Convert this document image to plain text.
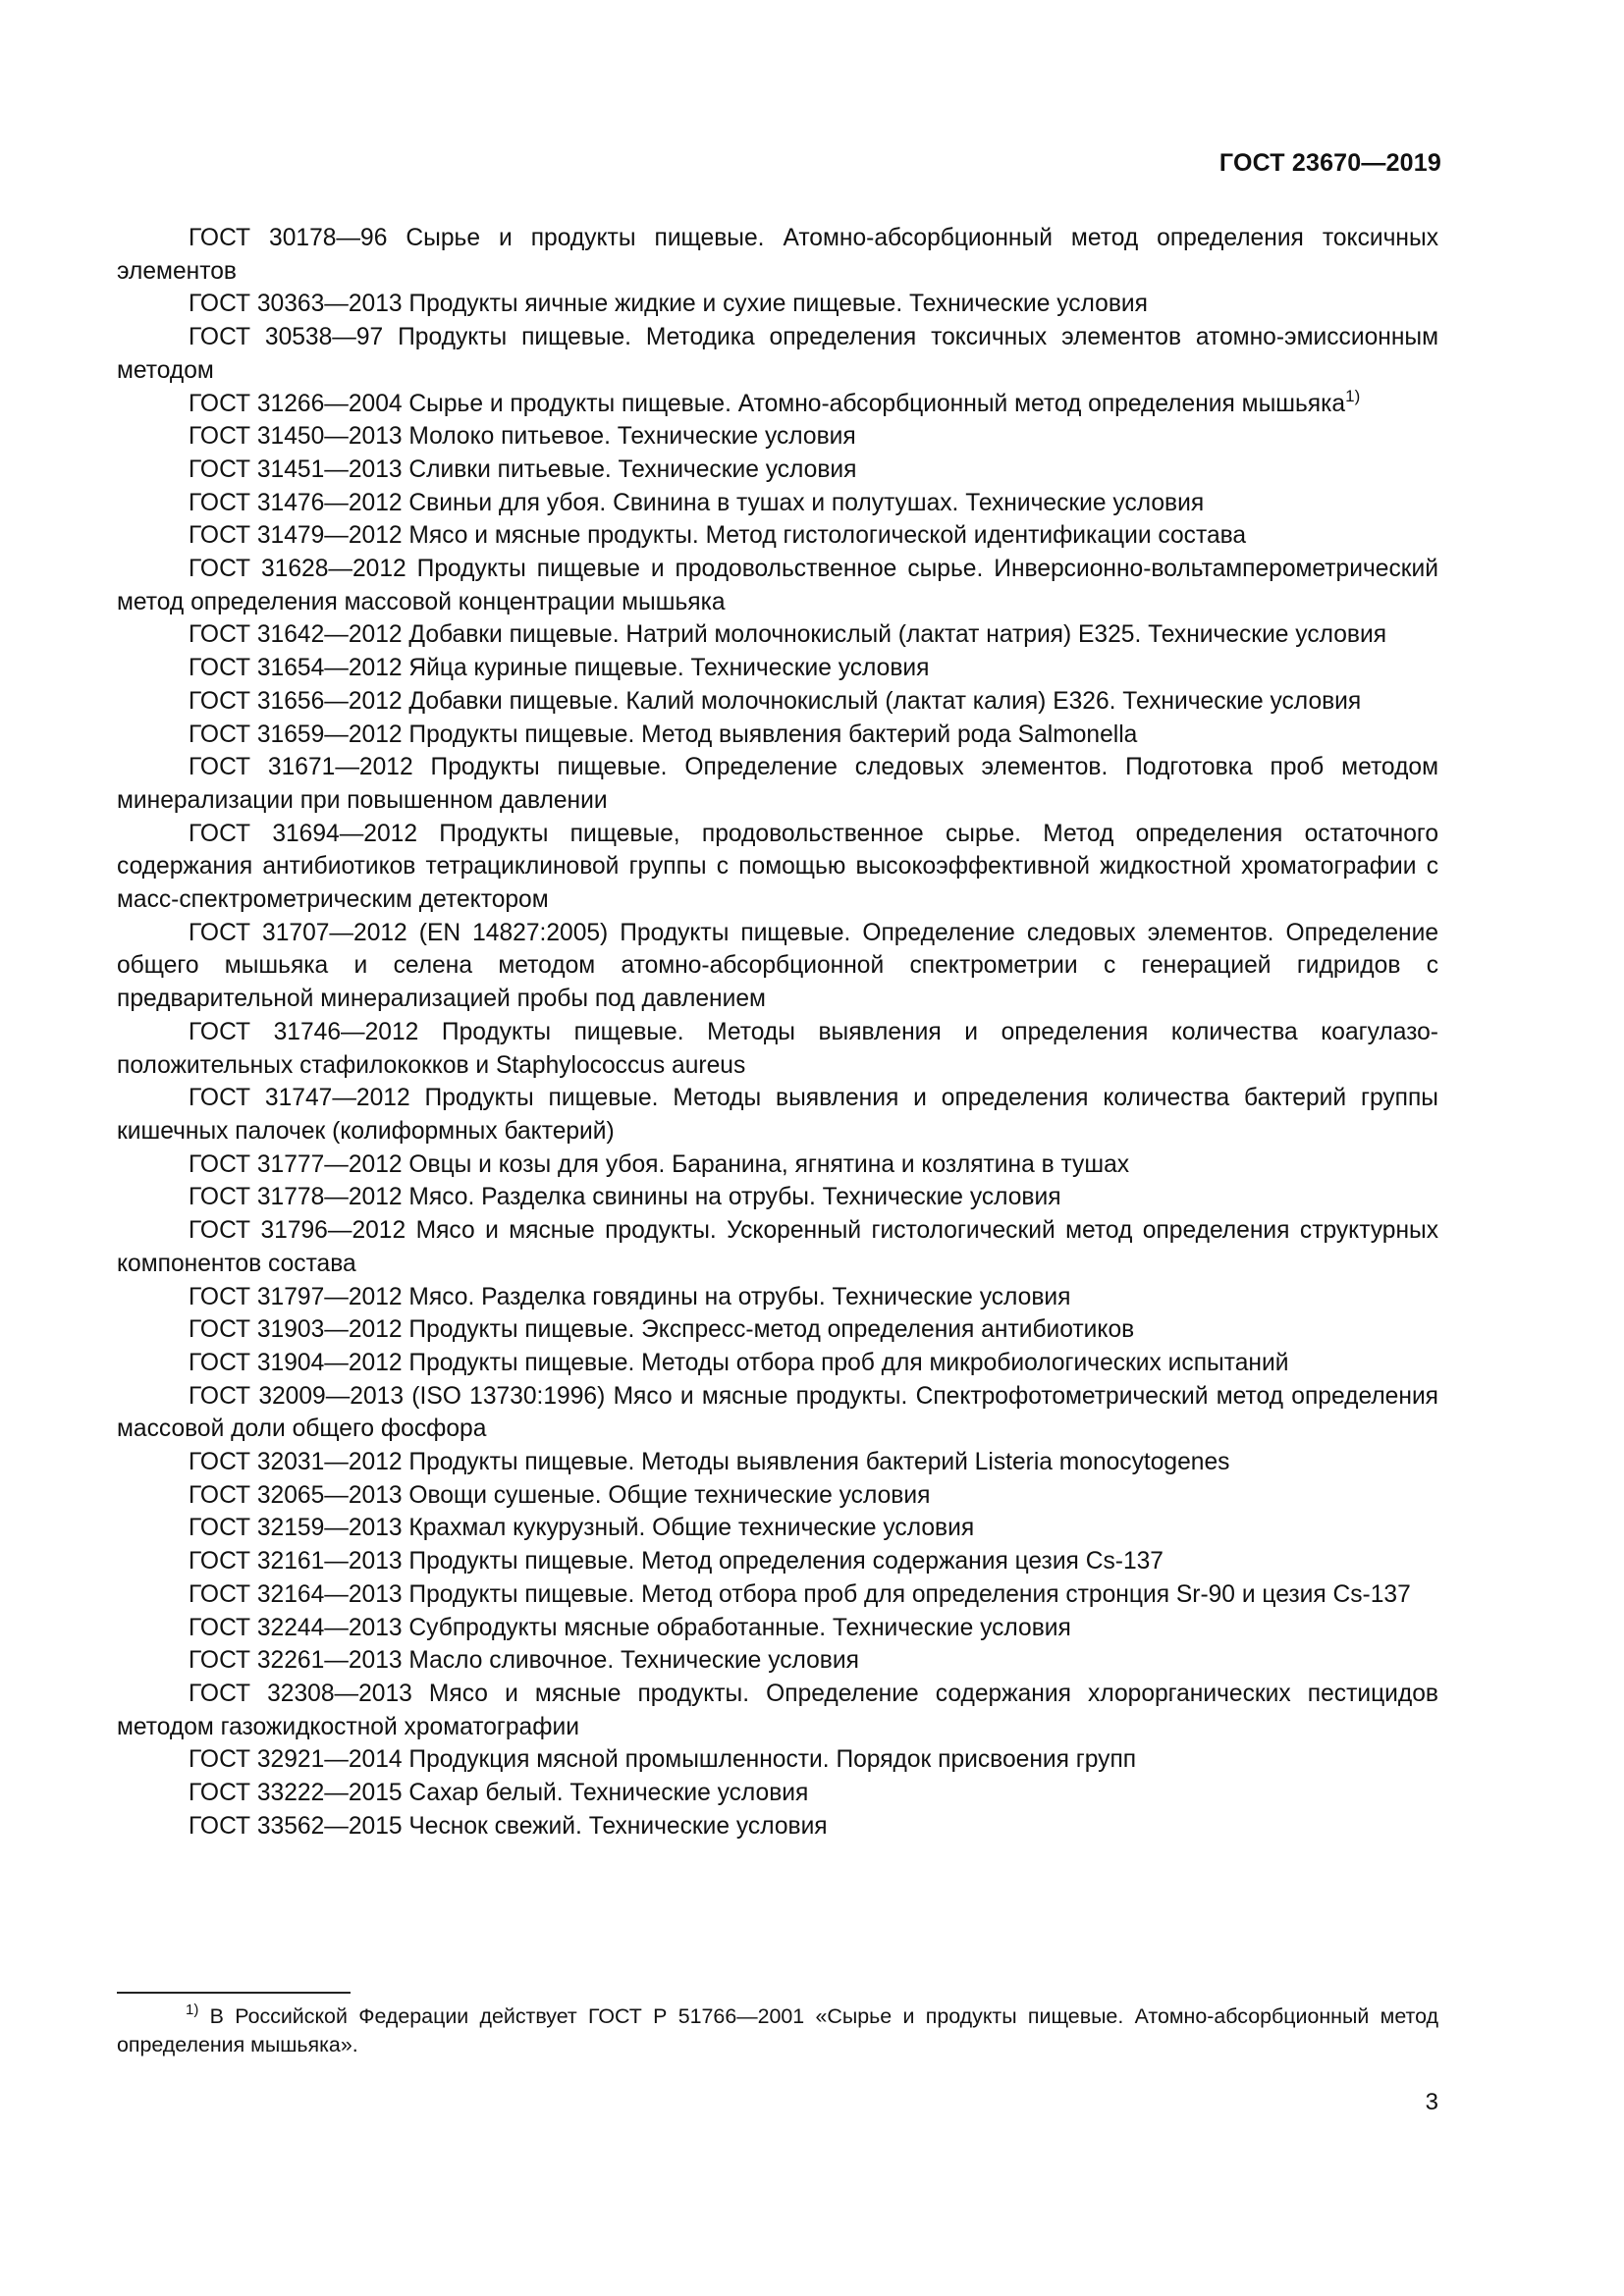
ГОСТ 23670—2019

ГОСТ 30178—96 Сырье и продукты пищевые. Атомно-абсорбционный метод определения токсичных элементов

ГОСТ 30363—2013 Продукты яичные жидкие и сухие пищевые. Технические условия

ГОСТ 30538—97 Продукты пищевые. Методика определения токсичных элементов атомно-эмиссионным методом

ГОСТ 31266—2004 Сырье и продукты пищевые. Атомно-абсорбционный метод определения мышьяка$^{1)}$

ГОСТ 31450—2013 Молоко питьевое. Технические условия

ГОСТ 31451—2013 Сливки питьевые. Технические условия

ГОСТ 31476—2012 Свиньи для убоя. Свинина в тушах и полутушах. Технические условия

ГОСТ 31479—2012 Мясо и мясные продукты. Метод гистологической идентификации состава

ГОСТ 31628—2012 Продукты пищевые и продовольственное сырье. Инверсионно-вольтамперометрический метод определения массовой концентрации мышьяка

ГОСТ 31642—2012 Добавки пищевые. Натрий молочнокислый (лактат натрия) Е325. Технические условия

ГОСТ 31654—2012 Яйца куриные пищевые. Технические условия

ГОСТ 31656—2012 Добавки пищевые. Калий молочнокислый (лактат калия) Е326. Технические условия

ГОСТ 31659—2012 Продукты пищевые. Метод выявления бактерий рода Salmonella

ГОСТ 31671—2012 Продукты пищевые. Определение следовых элементов. Подготовка проб методом минерализации при повышенном давлении

ГОСТ 31694—2012 Продукты пищевые, продовольственное сырье. Метод определения остаточного содержания антибиотиков тетрациклиновой группы с помощью высокоэффективной жидкостной хроматографии с масс-спектрометрическим детектором

ГОСТ 31707—2012 (EN 14827:2005) Продукты пищевые. Определение следовых элементов. Определение общего мышьяка и селена методом атомно-абсорбционной спектрометрии с генерацией гидридов с предварительной минерализацией пробы под давлением

ГОСТ 31746—2012 Продукты пищевые. Методы выявления и определения количества коагулазоположительных стафилококков и Staphylococcus aureus

ГОСТ 31747—2012 Продукты пищевые. Методы выявления и определения количества бактерий группы кишечных палочек (колиформных бактерий)

ГОСТ 31777—2012 Овцы и козы для убоя. Баранина, ягнятина и козлятина в тушах

ГОСТ 31778—2012 Мясо. Разделка свинины на отрубы. Технические условия

ГОСТ 31796—2012 Мясо и мясные продукты. Ускоренный гистологический метод определения структурных компонентов состава

ГОСТ 31797—2012 Мясо. Разделка говядины на отрубы. Технические условия

ГОСТ 31903—2012 Продукты пищевые. Экспресс-метод определения антибиотиков

ГОСТ 31904—2012 Продукты пищевые. Методы отбора проб для микробиологических испытаний

ГОСТ 32009—2013 (ISO 13730:1996) Мясо и мясные продукты. Спектрофотометрический метод определения массовой доли общего фосфора

ГОСТ 32031—2012 Продукты пищевые. Методы выявления бактерий Listeria monocytogenes

ГОСТ 32065—2013 Овощи сушеные. Общие технические условия

ГОСТ 32159—2013 Крахмал кукурузный. Общие технические условия

ГОСТ 32161—2013 Продукты пищевые. Метод определения содержания цезия Cs-137

ГОСТ 32164—2013 Продукты пищевые. Метод отбора проб для определения стронция Sr-90 и цезия Cs-137

ГОСТ 32244—2013 Субпродукты мясные обработанные. Технические условия

ГОСТ 32261—2013 Масло сливочное. Технические условия

ГОСТ 32308—2013 Мясо и мясные продукты. Определение содержания хлорорганических пестицидов методом газожидкостной хроматографии

ГОСТ 32921—2014 Продукция мясной промышленности. Порядок присвоения групп

ГОСТ 33222—2015 Сахар белый. Технические условия

ГОСТ 33562—2015 Чеснок свежий. Технические условия

$^{1)}$ В Российской Федерации действует ГОСТ Р 51766—2001 «Сырье и продукты пищевые. Атомно-абсорбционный метод определения мышьяка».

3
